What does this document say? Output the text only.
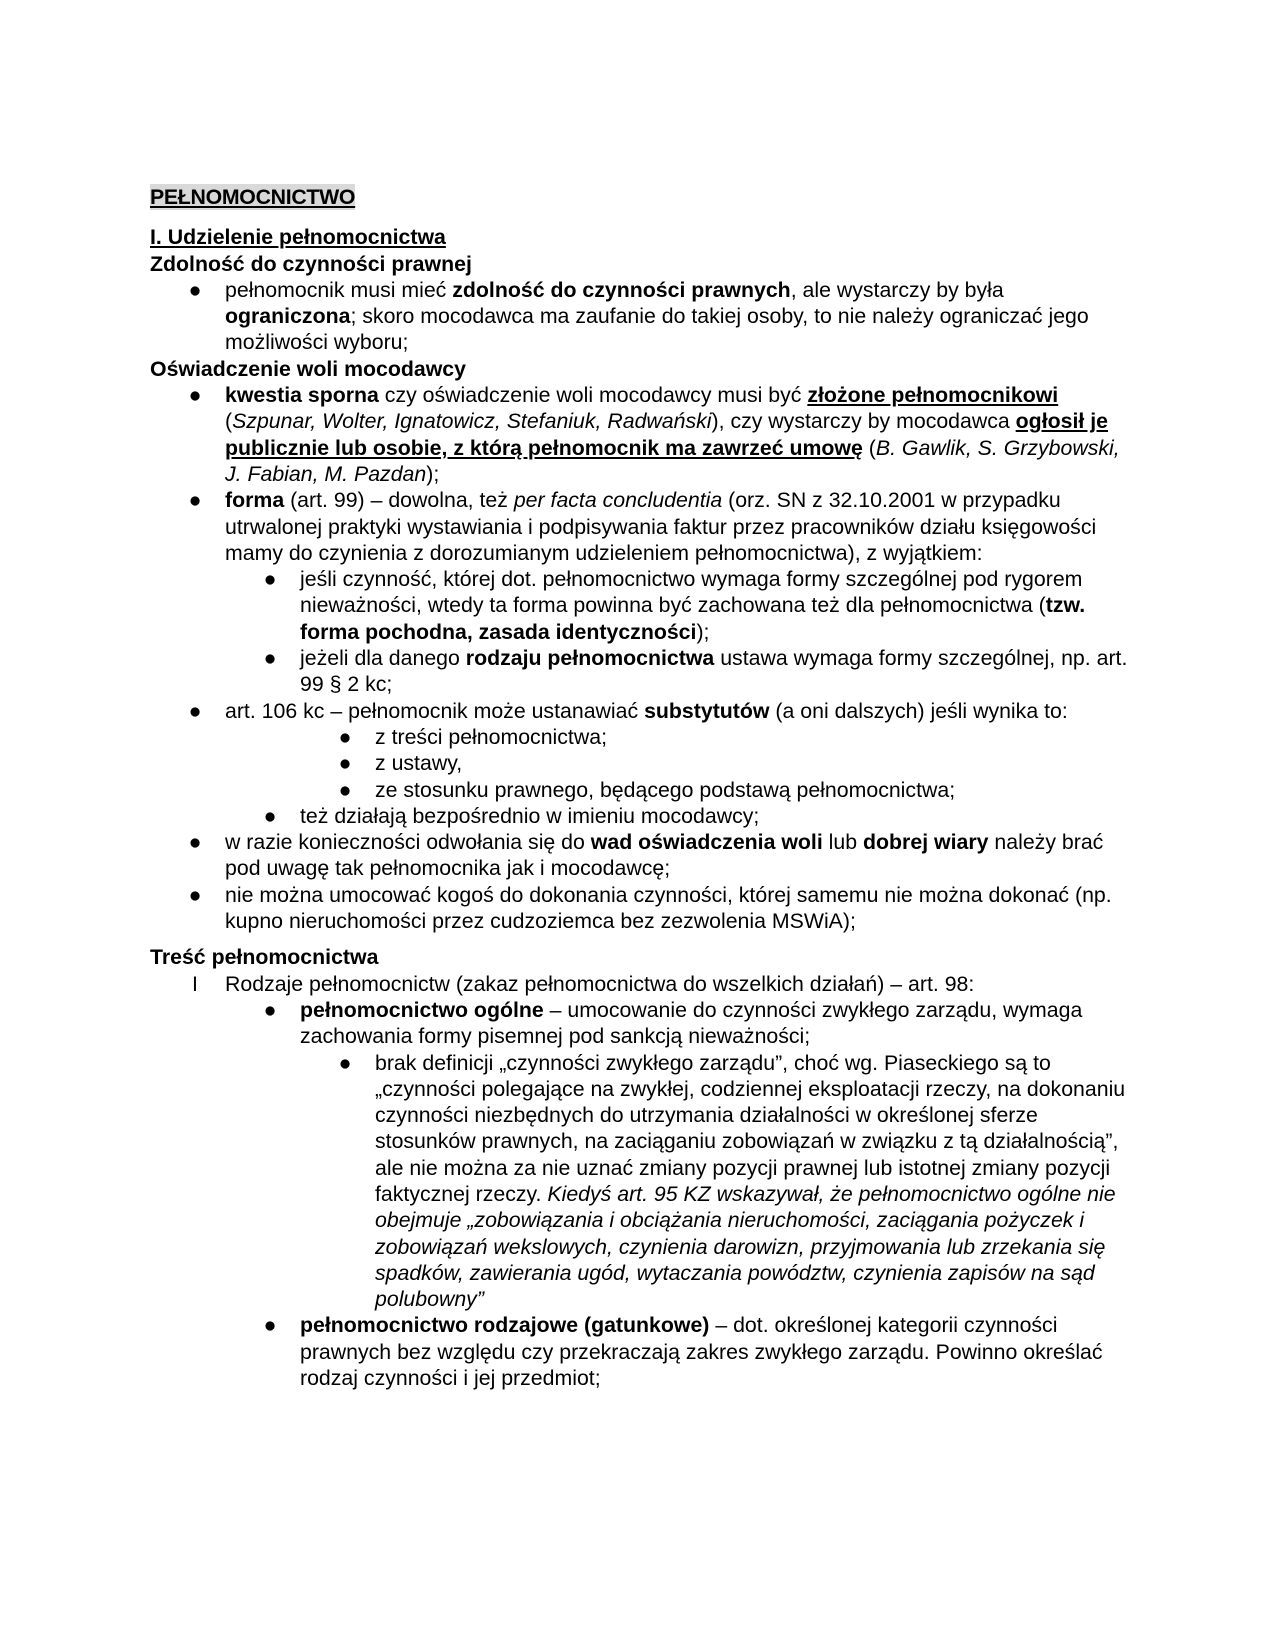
PEŁNOMOCNICTWO
I. Udzielenie pełnomocnictwa
Zdolność do czynności prawnej
● pełnomocnik musi mieć zdolność do czynności prawnych, ale wystarczy by była ograniczona; skoro mocodawca ma zaufanie do takiej osoby, to nie należy ograniczać jego możliwości wyboru;
Oświadczenie woli mocodawcy
● kwestia sporna czy oświadczenie woli mocodawcy musi być złożone pełnomocnikowi (Szpunar, Wolter, Ignatowicz, Stefaniuk, Radwański), czy wystarczy by mocodawca ogłosił je publicznie lub osobie, z którą pełnomocnik ma zawrzeć umowę (B. Gawlik, S. Grzybowski, J. Fabian, M. Pazdan);
● forma (art. 99) – dowolna, też per facta concludentia (orz. SN z 32.10.2001 w przypadku utrwalonej praktyki wystawiania i podpisywania faktur przez pracowników działu księgowości mamy do czynienia z dorozumianym udzieleniem pełnomocnictwa), z wyjątkiem:
● jeśli czynność, której dot. pełnomocnictwo wymaga formy szczególnej pod rygorem nieważności, wtedy ta forma powinna być zachowana też dla pełnomocnictwa (tzw. forma pochodna, zasada identyczności);
● jeżeli dla danego rodzaju pełnomocnictwa ustawa wymaga formy szczególnej, np. art. 99 § 2 kc;
● art. 106 kc – pełnomocnik może ustanawiać substytutów (a oni dalszych) jeśli wynika to:
● z treści pełnomocnictwa;
● z ustawy,
● ze stosunku prawnego, będącego podstawą pełnomocnictwa;
● też działają bezpośrednio w imieniu mocodawcy;
● w razie konieczności odwołania się do wad oświadczenia woli lub dobrej wiary należy brać pod uwagę tak pełnomocnika jak i mocodawcę;
● nie można umocować kogoś do dokonania czynności, której samemu nie można dokonać (np. kupno nieruchomości przez cudzoziemca bez zezwolenia MSWiA);
Treść pełnomocnictwa
I Rodzaje pełnomocnictw (zakaz pełnomocnictwa do wszelkich działań) – art. 98:
● pełnomocnictwo ogólne – umocowanie do czynności zwykłego zarządu, wymaga zachowania formy pisemnej pod sankcją nieważności;
● brak definicji „czynności zwykłego zarządu”, choć wg. Piaseckiego są to „czynności polegające na zwykłej, codziennej eksploatacji rzeczy, na dokonaniu czynności niezbędnych do utrzymania działalności w określonej sferze stosunków prawnych, na zaciąganiu zobowiązań w związku z tą działalnością”, ale nie można za nie uznać zmiany pozycji prawnej lub istotnej zmiany pozycji faktycznej rzeczy. Kiedyś art. 95 KZ wskazywał, że pełnomocnictwo ogólne nie obejmuje „zobowiązania i obciążania nieruchomości, zaciągania pożyczek i zobowiązań wekslowych, czynienia darowizn, przyjmowania lub zrzekania się spadków, zawierania ugód, wytaczania powództw, czynienia zapisów na sąd polubowny”
● pełnomocnictwo rodzajowe (gatunkowe) – dot. określonej kategorii czynności prawnych bez względu czy przekraczają zakres zwykłego zarządu. Powinno określać rodzaj czynności i jej przedmiot;
